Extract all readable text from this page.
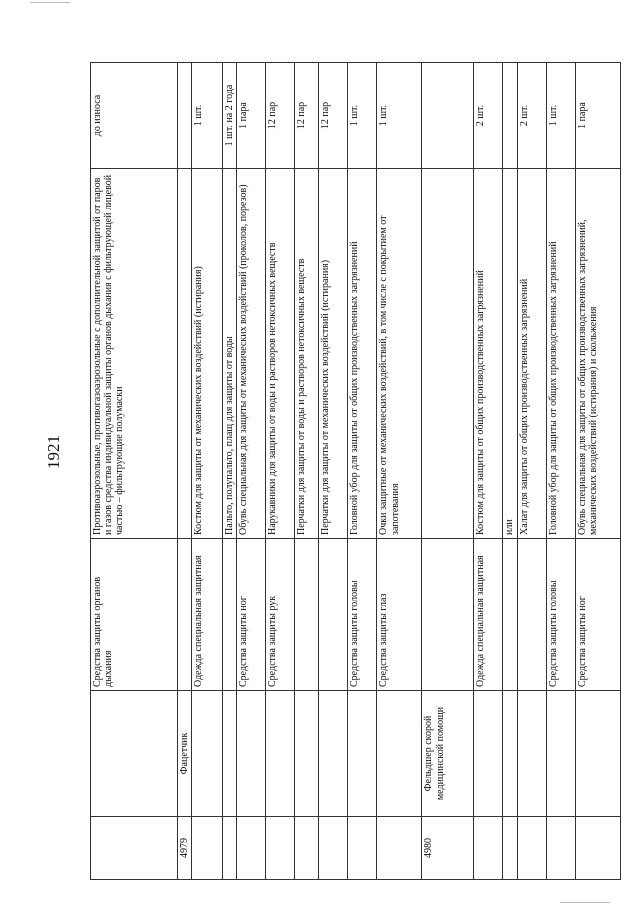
1921
		Средства защиты органов дыхания	Противоаэрозольные, противогазоаэрозольные с дополнительной защитой от паров и газов средства индивидуальной защиты органов дыхания с фильтрующей лицевой частью – фильтрующие полумаски	до износа
4979	Фацетчик			
		Одежда специальная защитная	Костюм для защиты от механических воздействий (истирания)	1 шт.
			Пальто, полупальто, плащ для защиты от воды	1 шт. на 2 года
		Средства защиты ног	Обувь специальная для защиты от механических воздействий (проколов, порезов)	1 пара
		Средства защиты рук	Нарукавники для защиты от воды и растворов нетоксичных веществ	12 пар
			Перчатки для защиты от воды и растворов нетоксичных веществ	12 пар
			Перчатки для защиты от механических воздействий (истирания)	12 пар
		Средства защиты головы	Головной убор для защиты от общих производственных загрязнений	1 шт.
		Средства защиты глаз	Очки защитные от механических воздействий, в том числе с покрытием от запотевания	1 шт.
4980	Фельдшер скорой медицинской помощи			
		Одежда специальная защитная	Костюм для защиты от общих производственных загрязнений	2 шт.
			или	
			Халат для защиты от общих производственных загрязнений	2 шт.
		Средства защиты головы	Головной убор для защиты от общих производственных загрязнений	1 шт.
		Средства защиты ног	Обувь специальная для защиты от общих производственных загрязнений, механических воздействий (истирания) и скольжения	1 пара
